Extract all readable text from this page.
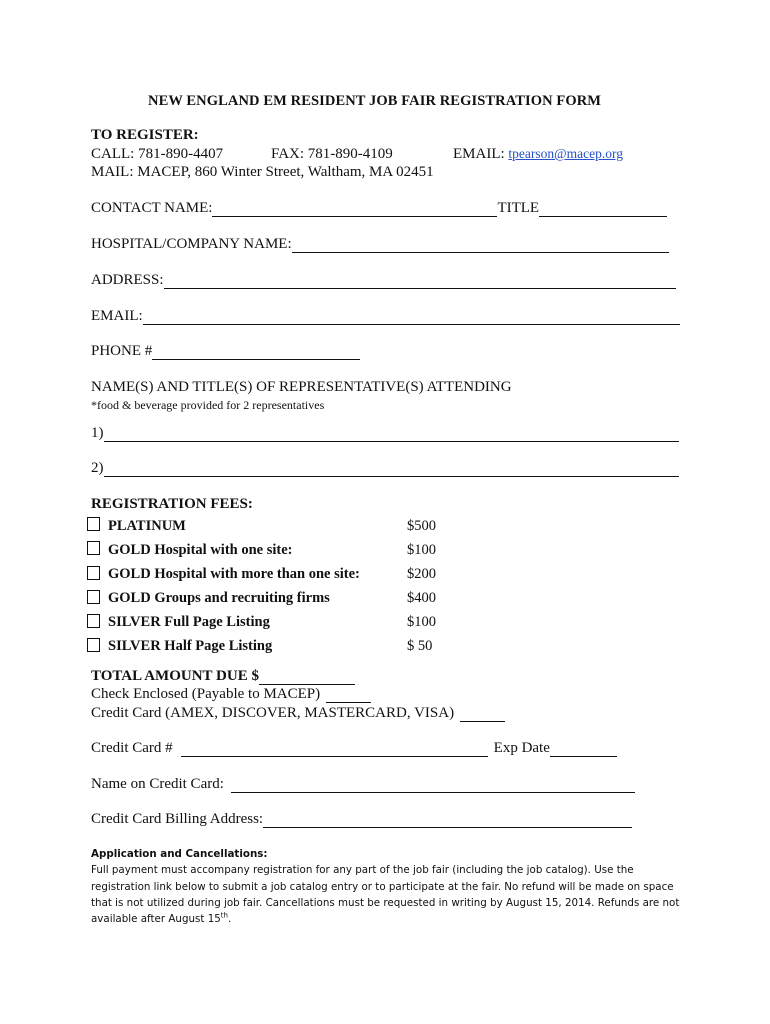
NEW ENGLAND EM RESIDENT JOB FAIR REGISTRATION FORM
TO REGISTER:
CALL: 781-890-4407	FAX: 781-890-4109	EMAIL: tpearson@macep.org
MAIL: MACEP, 860 Winter Street, Waltham, MA 02451
CONTACT NAME:	TITLE
HOSPITAL/COMPANY NAME:
ADDRESS:
EMAIL:
PHONE #
NAME(S) AND TITLE(S) OF REPRESENTATIVE(S) ATTENDING
*food & beverage provided for 2 representatives
1)
2)
REGISTRATION FEES:
PLATINUM	$500
GOLD Hospital with one site:	$100
GOLD Hospital with more than one site:	$200
GOLD Groups and recruiting firms	$400
SILVER Full Page Listing	$100
SILVER Half Page Listing	$ 50
TOTAL AMOUNT DUE $
Check Enclosed (Payable to MACEP)
Credit Card (AMEX, DISCOVER, MASTERCARD, VISA)
Credit Card #	Exp Date
Name on Credit Card:
Credit Card Billing Address:
Application and Cancellations:
Full payment must accompany registration for any part of the job fair (including the job catalog). Use the registration link below to submit a job catalog entry or to participate at the fair. No refund will be made on space that is not utilized during job fair. Cancellations must be requested in writing by August 15, 2014. Refunds are not available after August 15th.
